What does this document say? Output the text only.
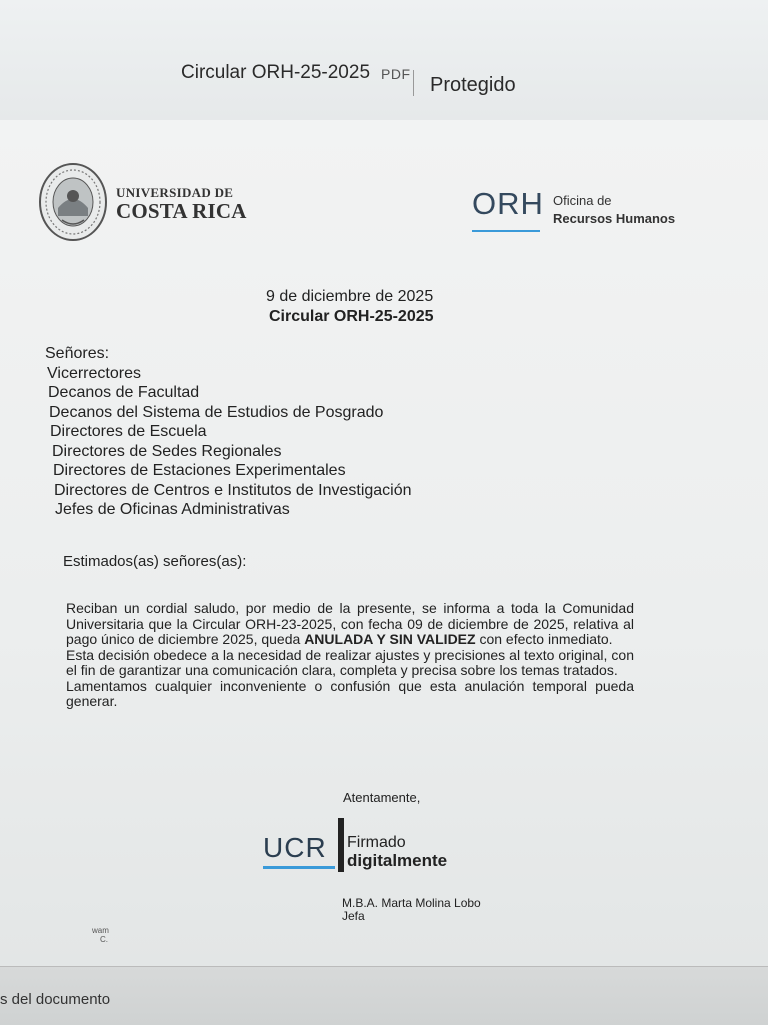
Circular ORH-25-2025 PDF Protegido
UNIVERSIDAD DE
COSTA RICA	ORH Oficina de
Recursos Humanos
9 de diciembre de 2025
Circular ORH-25-2025
Señores:
Vicerrectores
Decanos de Facultad
Decanos del Sistema de Estudios de Posgrado
Directores de Escuela
Directores de Sedes Regionales
Directores de Estaciones Experimentales
Directores de Centros e Institutos de Investigación
Jefes de Oficinas Administrativas
Estimados(as) señores(as):

Reciban un cordial saludo, por medio de la presente, se informa a toda la Comunidad Universitaria que la Circular ORH-23-2025, con fecha 09 de diciembre de 2025, relativa al pago único de diciembre 2025, queda ANULADA Y SIN VALIDEZ con efecto inmediato.

Esta decisión obedece a la necesidad de realizar ajustes y precisiones al texto original, con el fin de garantizar una comunicación clara, completa y precisa sobre los temas tratados.

Lamentamos cualquier inconveniente o confusión que esta anulación temporal pueda generar.

Atentamente,
UCR Firmado
digitalmente
M.B.A. Marta Molina Lobo
Jefa
wam
C.
s del documento
